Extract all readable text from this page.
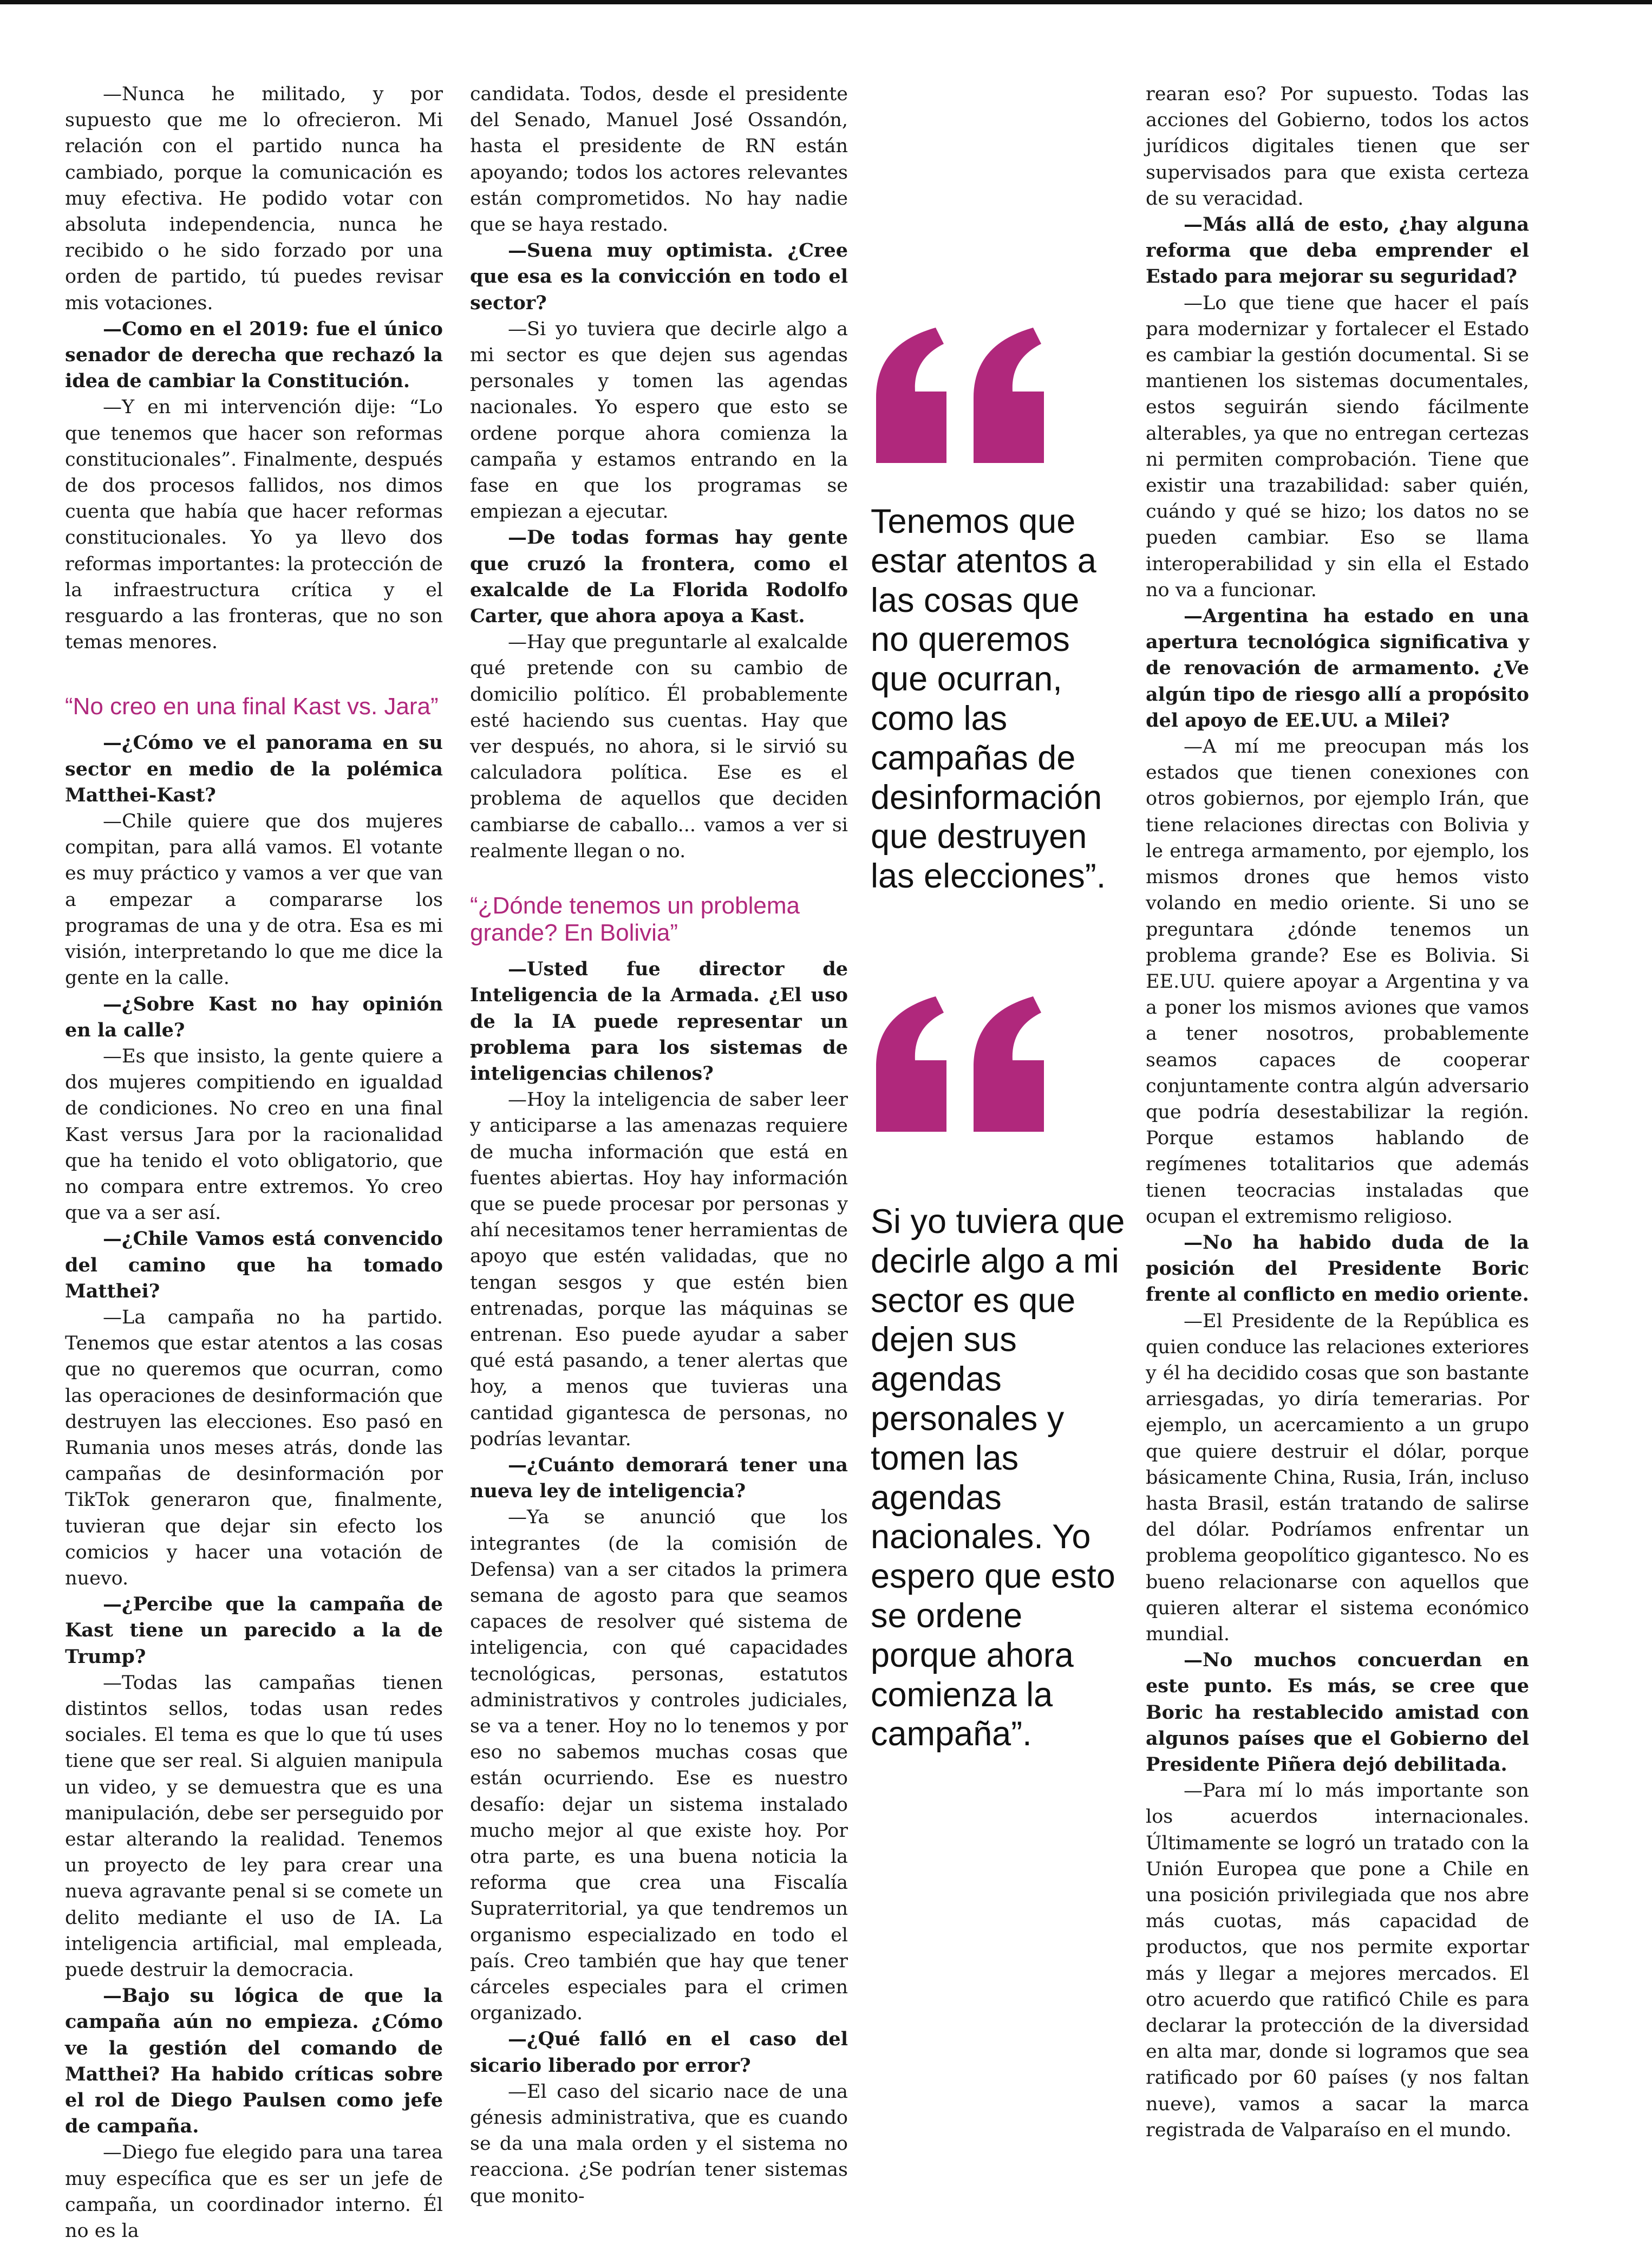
—Nunca he militado, y por supuesto que me lo ofrecieron. Mi relación con el partido nunca ha cambiado, porque la comunicación es muy efectiva. He podido votar con absoluta independencia, nunca he recibido o he sido forzado por una orden de partido, tú puedes revisar mis votaciones.

—Como en el 2019: fue el único senador de derecha que rechazó la idea de cambiar la Constitución.

—Y en mi intervención dije: “Lo que tenemos que hacer son reformas constitucionales”. Finalmente, después de dos procesos fallidos, nos dimos cuenta que había que hacer reformas constitucionales. Yo ya llevo dos reformas importantes: la protección de la infraestructura crítica y el resguardo a las fronteras, que no son temas menores.

“No creo en una final Kast vs. Jara”

—¿Cómo ve el panorama en su sector en medio de la polémica Matthei-Kast?

—Chile quiere que dos mujeres compitan, para allá vamos. El votante es muy práctico y vamos a ver que van a empezar a compararse los programas de una y de otra. Esa es mi visión, interpretando lo que me dice la gente en la calle.

—¿Sobre Kast no hay opinión en la calle?

—Es que insisto, la gente quiere a dos mujeres compitiendo en igualdad de condiciones. No creo en una final Kast versus Jara por la racionalidad que ha tenido el voto obligatorio, que no compara entre extremos. Yo creo que va a ser así.

—¿Chile Vamos está convencido del camino que ha tomado Matthei?

—La campaña no ha partido. Tenemos que estar atentos a las cosas que no queremos que ocurran, como las operaciones de desinformación que destruyen las elecciones. Eso pasó en Rumania unos meses atrás, donde las campañas de desinformación por TikTok generaron que, finalmente, tuvieran que dejar sin efecto los comicios y hacer una votación de nuevo.

—¿Percibe que la campaña de Kast tiene un parecido a la de Trump?

—Todas las campañas tienen distintos sellos, todas usan redes sociales. El tema es que lo que tú uses tiene que ser real. Si alguien manipula un video, y se demuestra que es una manipulación, debe ser perseguido por estar alterando la realidad. Tenemos un proyecto de ley para crear una nueva agravante penal si se comete un delito mediante el uso de IA. La inteligencia artificial, mal empleada, puede destruir la democracia.

—Bajo su lógica de que la campaña aún no empieza. ¿Cómo ve la gestión del comando de Matthei? Ha habido críticas sobre el rol de Diego Paulsen como jefe de campaña.

—Diego fue elegido para una tarea muy específica que es ser un jefe de campaña, un coordinador interno. Él no es la

candidata. Todos, desde el presidente del Senado, Manuel José Ossandón, hasta el presidente de RN están apoyando; todos los actores relevantes están comprometidos. No hay nadie que se haya restado.

—Suena muy optimista. ¿Cree que esa es la convicción en todo el sector?

—Si yo tuviera que decirle algo a mi sector es que dejen sus agendas personales y tomen las agendas nacionales. Yo espero que esto se ordene porque ahora comienza la campaña y estamos entrando en la fase en que los programas se empiezan a ejecutar.

—De todas formas hay gente que cruzó la frontera, como el exalcalde de La Florida Rodolfo Carter, que ahora apoya a Kast.

—Hay que preguntarle al exalcalde qué pretende con su cambio de domicilio político. Él probablemente esté haciendo sus cuentas. Hay que ver después, no ahora, si le sirvió su calculadora política. Ese es el problema de aquellos que deciden cambiarse de caballo... vamos a ver si realmente llegan o no.

“¿Dónde tenemos un problema grande? En Bolivia”

—Usted fue director de Inteligencia de la Armada. ¿El uso de la IA puede representar un problema para los sistemas de inteligencias chilenos?

—Hoy la inteligencia de saber leer y anticiparse a las amenazas requiere de mucha información que está en fuentes abiertas. Hoy hay información que se puede procesar por personas y ahí necesitamos tener herramientas de apoyo que estén validadas, que no tengan sesgos y que estén bien entrenadas, porque las máquinas se entrenan. Eso puede ayudar a saber qué está pasando, a tener alertas que hoy, a menos que tuvieras una cantidad gigantesca de personas, no podrías levantar.

—¿Cuánto demorará tener una nueva ley de inteligencia?

—Ya se anunció que los integrantes (de la comisión de Defensa) van a ser citados la primera semana de agosto para que seamos capaces de resolver qué sistema de inteligencia, con qué capacidades tecnológicas, personas, estatutos administrativos y controles judiciales, se va a tener. Hoy no lo tenemos y por eso no sabemos muchas cosas que están ocurriendo. Ese es nuestro desafío: dejar un sistema instalado mucho mejor al que existe hoy. Por otra parte, es una buena noticia la reforma que crea una Fiscalía Supraterritorial, ya que tendremos un organismo especializado en todo el país. Creo también que hay que tener cárceles especiales para el crimen organizado.

—¿Qué falló en el caso del sicario liberado por error?

—El caso del sicario nace de una génesis administrativa, que es cuando se da una mala orden y el sistema no reacciona. ¿Se podrían tener sistemas que monito-

Tenemos que estar atentos a las cosas que no queremos que ocurran, como las campañas de desinformación que destruyen las elecciones”.

Si yo tuviera que decirle algo a mi sector es que dejen sus agendas personales y tomen las agendas nacionales. Yo espero que esto se ordene porque ahora comienza la campaña”.

rearan eso? Por supuesto. Todas las acciones del Gobierno, todos los actos jurídicos digitales tienen que ser supervisados para que exista certeza de su veracidad.

—Más allá de esto, ¿hay alguna reforma que deba emprender el Estado para mejorar su seguridad?

—Lo que tiene que hacer el país para modernizar y fortalecer el Estado es cambiar la gestión documental. Si se mantienen los sistemas documentales, estos seguirán siendo fácilmente alterables, ya que no entregan certezas ni permiten comprobación. Tiene que existir una trazabilidad: saber quién, cuándo y qué se hizo; los datos no se pueden cambiar. Eso se llama interoperabilidad y sin ella el Estado no va a funcionar.

—Argentina ha estado en una apertura tecnológica significativa y de renovación de armamento. ¿Ve algún tipo de riesgo allí a propósito del apoyo de EE.UU. a Milei?

—A mí me preocupan más los estados que tienen conexiones con otros gobiernos, por ejemplo Irán, que tiene relaciones directas con Bolivia y le entrega armamento, por ejemplo, los mismos drones que hemos visto volando en medio oriente. Si uno se preguntara ¿dónde tenemos un problema grande? Ese es Bolivia. Si EE.UU. quiere apoyar a Argentina y va a poner los mismos aviones que vamos a tener nosotros, probablemente seamos capaces de cooperar conjuntamente contra algún adversario que podría desestabilizar la región. Porque estamos hablando de regímenes totalitarios que además tienen teocracias instaladas que ocupan el extremismo religioso.

—No ha habido duda de la posición del Presidente Boric frente al conflicto en medio oriente.

—El Presidente de la República es quien conduce las relaciones exteriores y él ha decidido cosas que son bastante arriesgadas, yo diría temerarias. Por ejemplo, un acercamiento a un grupo que quiere destruir el dólar, porque básicamente China, Rusia, Irán, incluso hasta Brasil, están tratando de salirse del dólar. Podríamos enfrentar un problema geopolítico gigantesco. No es bueno relacionarse con aquellos que quieren alterar el sistema económico mundial.

—No muchos concuerdan en este punto. Es más, se cree que Boric ha restablecido amistad con algunos países que el Gobierno del Presidente Piñera dejó debilitada.

—Para mí lo más importante son los acuerdos internacionales. Últimamente se logró un tratado con la Unión Europea que pone a Chile en una posición privilegiada que nos abre más cuotas, más capacidad de productos, que nos permite exportar más y llegar a mejores mercados. El otro acuerdo que ratificó Chile es para declarar la protección de la diversidad en alta mar, donde si logramos que sea ratificado por 60 países (y nos faltan nueve), vamos a sacar la marca registrada de Valparaíso en el mundo.
